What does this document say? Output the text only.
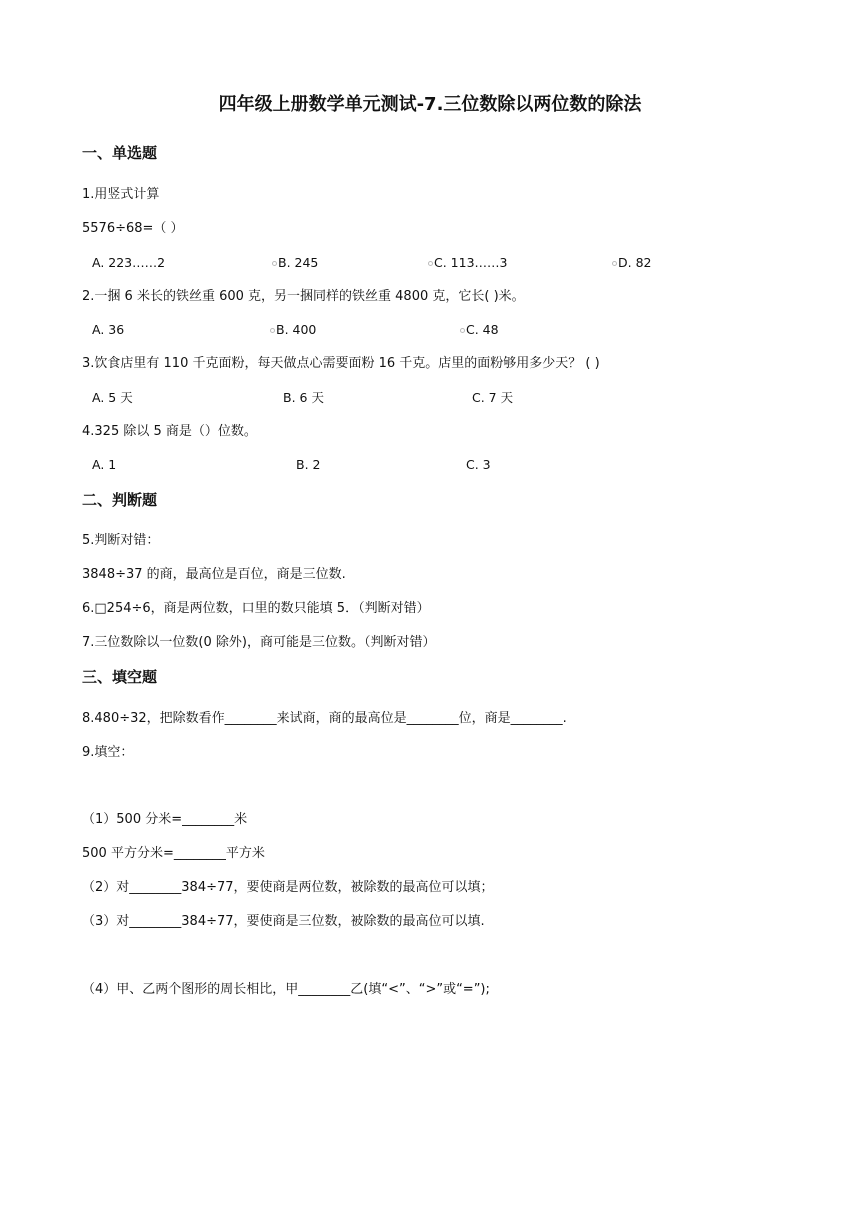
四年级上册数学单元测试-7.三位数除以两位数的除法
一、单选题
1.用竖式计算
5576÷68=（ ）
A. 223……2	B. 245	C. 113……3	D. 82
2.一捆 6 米长的铁丝重 600 克，另一捆同样的铁丝重 4800 克，它长( )米。
A. 36	B. 400	C. 48
3.饮食店里有 110 千克面粉，每天做点心需要面粉 16 千克。店里的面粉够用多少天？ ( )
A. 5 天	B. 6 天	C. 7 天
4.325 除以 5 商是（）位数。
A. 1	B. 2	C. 3
二、判断题
5.判断对错：
3848÷37 的商，最高位是百位，商是三位数.
6.□254÷6，商是两位数，口里的数只能填 5．（判断对错）
7.三位数除以一位数(0 除外)，商可能是三位数。（判断对错）
三、填空题
8.480÷32，把除数看作________来试商，商的最高位是________位，商是________.
9.填空：
（1）500 分米=________米
500 平方分米=________平方米
（2）对________384÷77，要使商是两位数，被除数的最高位可以填；
（3）对________384÷77，要使商是三位数，被除数的最高位可以填.
（4）甲、乙两个图形的周长相比，甲________乙(填“<”、“>”或“=”);
